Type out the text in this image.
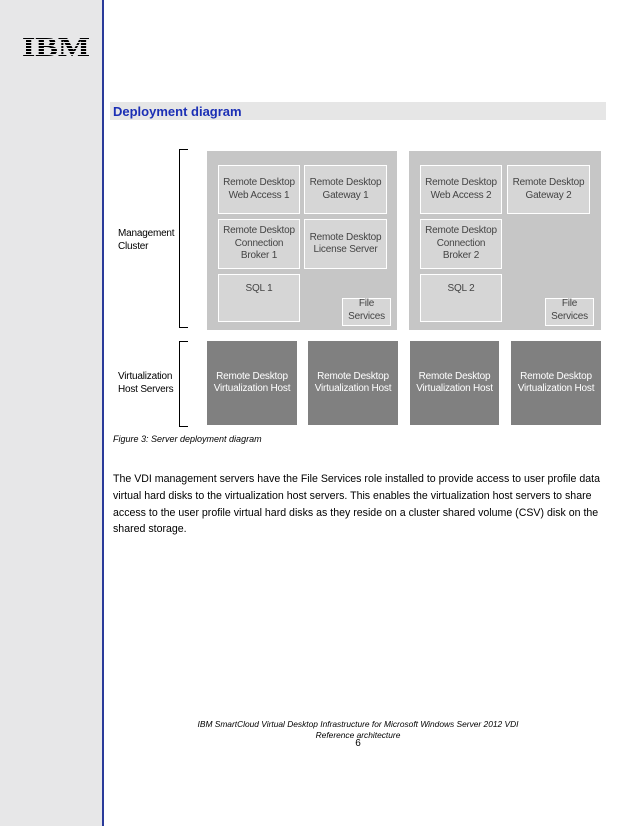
IBM
Deployment diagram
Management
Cluster
Virtualization
Host Servers
Remote Desktop
Web Access 1
Remote Desktop
Gateway 1
Remote Desktop
Connection
Broker 1
Remote Desktop
License Server
SQL 1
File
Services
Remote Desktop
Web Access 2
Remote Desktop
Gateway 2
Remote Desktop
Connection
Broker 2
SQL 2
File
Services
Remote Desktop
Virtualization Host
Remote Desktop
Virtualization Host
Remote Desktop
Virtualization Host
Remote Desktop
Virtualization Host
Figure 3: Server deployment diagram
The VDI management servers have the File Services role installed to provide access to user profile data virtual hard disks to the virtualization host servers. This enables the virtualization host servers to share access to the user profile virtual hard disks as they reside on a cluster shared volume (CSV) disk on the shared storage.
IBM SmartCloud Virtual Desktop Infrastructure for Microsoft Windows Server 2012 VDI
Reference architecture
6
